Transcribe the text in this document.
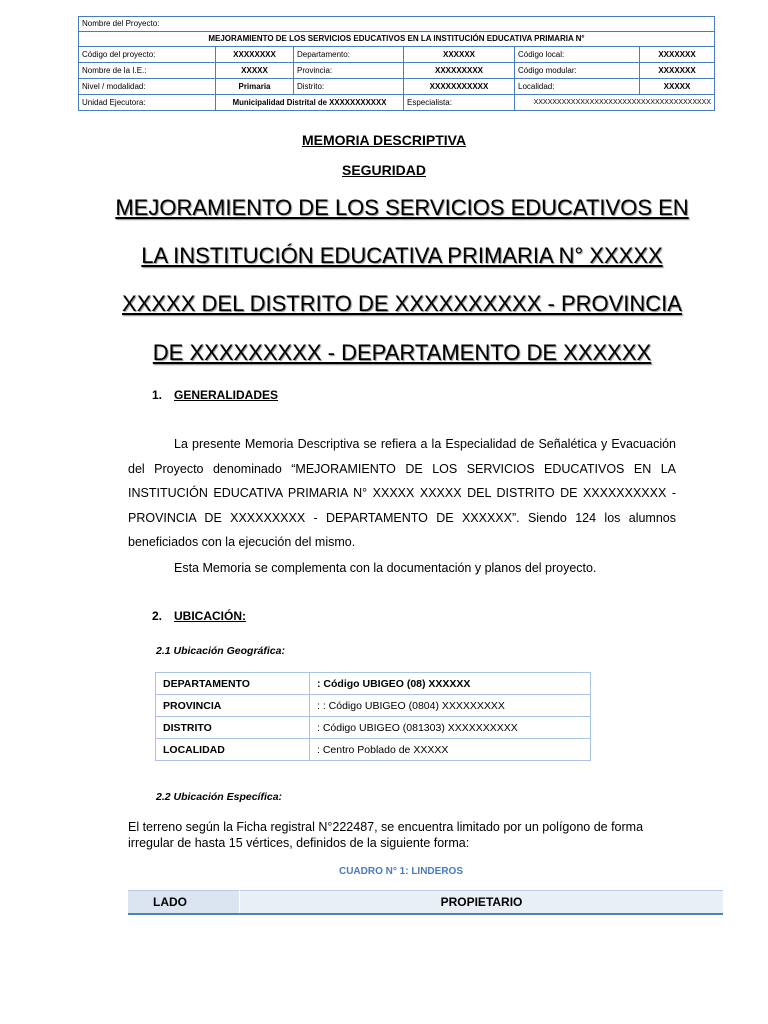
Nombre del Proyecto:					
MEJORAMIENTO DE LOS SERVICIOS EDUCATIVOS EN LA INSTITUCIÓN EDUCATIVA PRIMARIA N°					
Código del proyecto:	XXXXXXXX	Departamento:	XXXXXX	Código local:	XXXXXXX
Nombre de la I.E.:	XXXXX	Provincia:	XXXXXXXXX	Código modular:	XXXXXXX
Nivel / modalidad:	Primaria	Distrito:	XXXXXXXXXXX	Localidad:	XXXXX
Unidad Ejecutora:	Municipalidad Distrital de XXXXXXXXXXX		Especialista:	XXXXXXXXXXXXXXXXXXXXXXXXXXXXXXXXXXXXXX	
MEMORIA DESCRIPTIVA
SEGURIDAD
MEJORAMIENTO DE LOS SERVICIOS EDUCATIVOS EN
LA INSTITUCIÓN EDUCATIVA PRIMARIA N° XXXXX
XXXXX DEL DISTRITO DE XXXXXXXXXX - PROVINCIA
DE XXXXXXXXX - DEPARTAMENTO DE XXXXXX
1. GENERALIDADES
La presente Memoria Descriptiva se refiera a la Especialidad de Señalética y Evacuación del Proyecto denominado “MEJORAMIENTO DE LOS SERVICIOS EDUCATIVOS EN LA INSTITUCIÓN EDUCATIVA PRIMARIA N° XXXXX XXXXX DEL DISTRITO DE XXXXXXXXXX - PROVINCIA DE XXXXXXXXX - DEPARTAMENTO DE XXXXXX”. Siendo 124 los alumnos beneficiados con la ejecución del mismo.
Esta Memoria se complementa con la documentación y planos del proyecto.
2. UBICACIÓN:
2.1 Ubicación Geográfica:
DEPARTAMENTO	: Código UBIGEO (08) XXXXXX
PROVINCIA	: : Código UBIGEO (0804) XXXXXXXXX
DISTRITO	: Código UBIGEO (081303) XXXXXXXXXX
LOCALIDAD	: Centro Poblado de XXXXX
2.2 Ubicación Específica:
El terreno según la Ficha registral N°222487, se encuentra limitado por un polígono de forma irregular de hasta 15 vértices, definidos de la siguiente forma:
CUADRO N° 1: LINDEROS
LADO	PROPIETARIO
